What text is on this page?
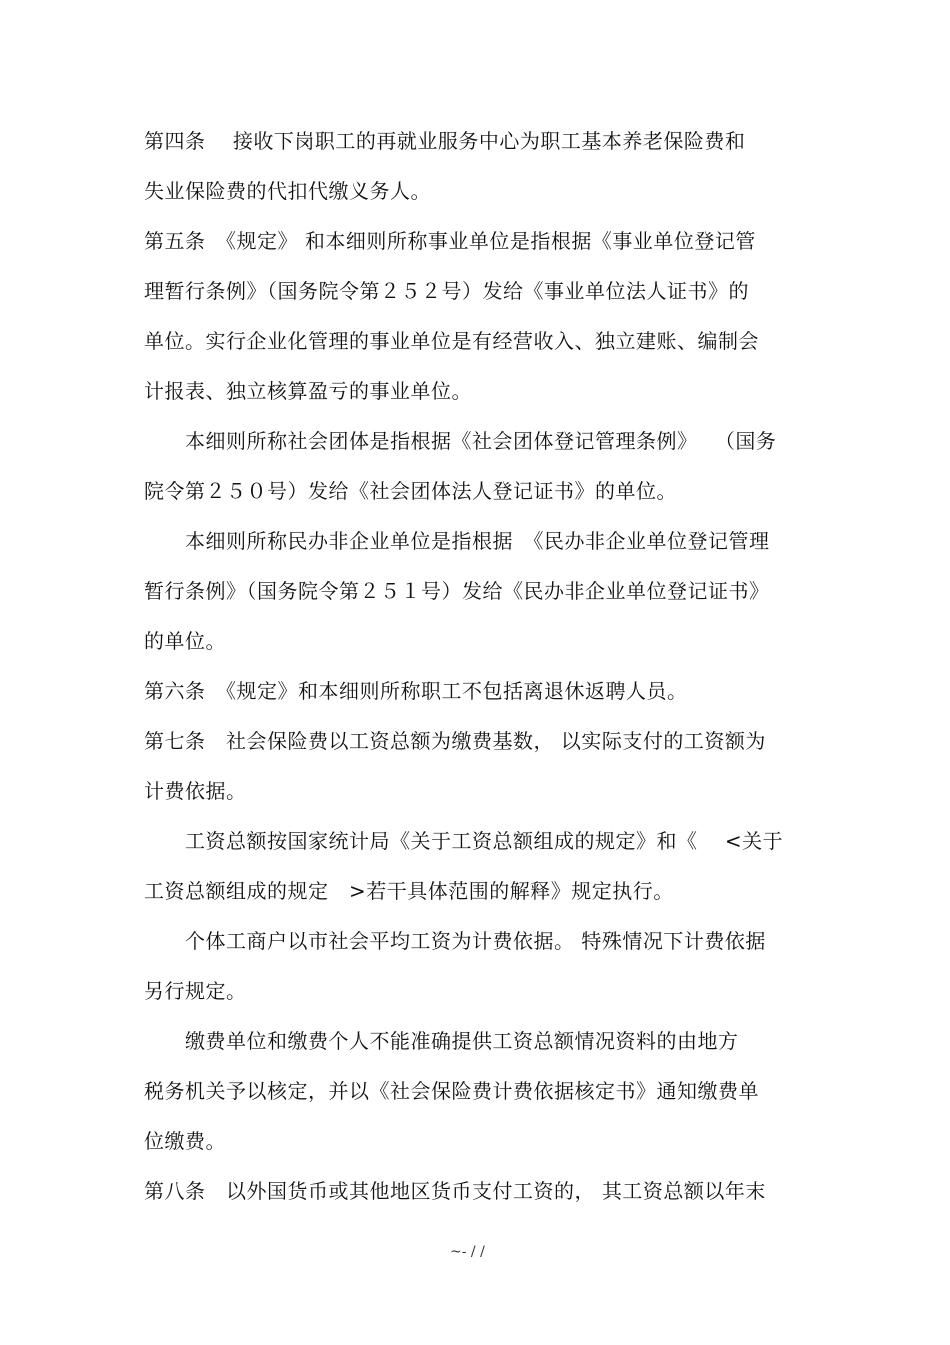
第四条　 接收下岗职工的再就业服务中心为职工基本养老保险费和
失业保险费的代扣代缴义务人。
第五条　《规定》 和本细则所称事业单位是指根据《事业单位登记管
理暂行条例》（国务院令第２５２号）发给《事业单位法人证书》的
单位。实行企业化管理的事业单位是有经营收入、独立建账、编制会
计报表、独立核算盈亏的事业单位。
　　本细则所称社会团体是指根据《社会团体登记管理条例》　 （国务
院令第２５０号）发给《社会团体法人登记证书》的单位。
　　本细则所称民办非企业单位是指根据　《民办非企业单位登记管理
暂行条例》（国务院令第２５１号）发给《民办非企业单位登记证书》
的单位。
第六条　《规定》和本细则所称职工不包括离退休返聘人员。
第七条　社会保险费以工资总额为缴费基数， 以实际支付的工资额为
计费依据。
　　工资总额按国家统计局《关于工资总额组成的规定》和《　 <关于
工资总额组成的规定　>若干具体范围的解释》规定执行。
　　个体工商户以市社会平均工资为计费依据。 特殊情况下计费依据
另行规定。
　　缴费单位和缴费个人不能准确提供工资总额情况资料的由地方
税务机关予以核定，并以《社会保险费计费依据核定书》通知缴费单
位缴费。
第八条　以外国货币或其他地区货币支付工资的， 其工资总额以年末
~- / /
